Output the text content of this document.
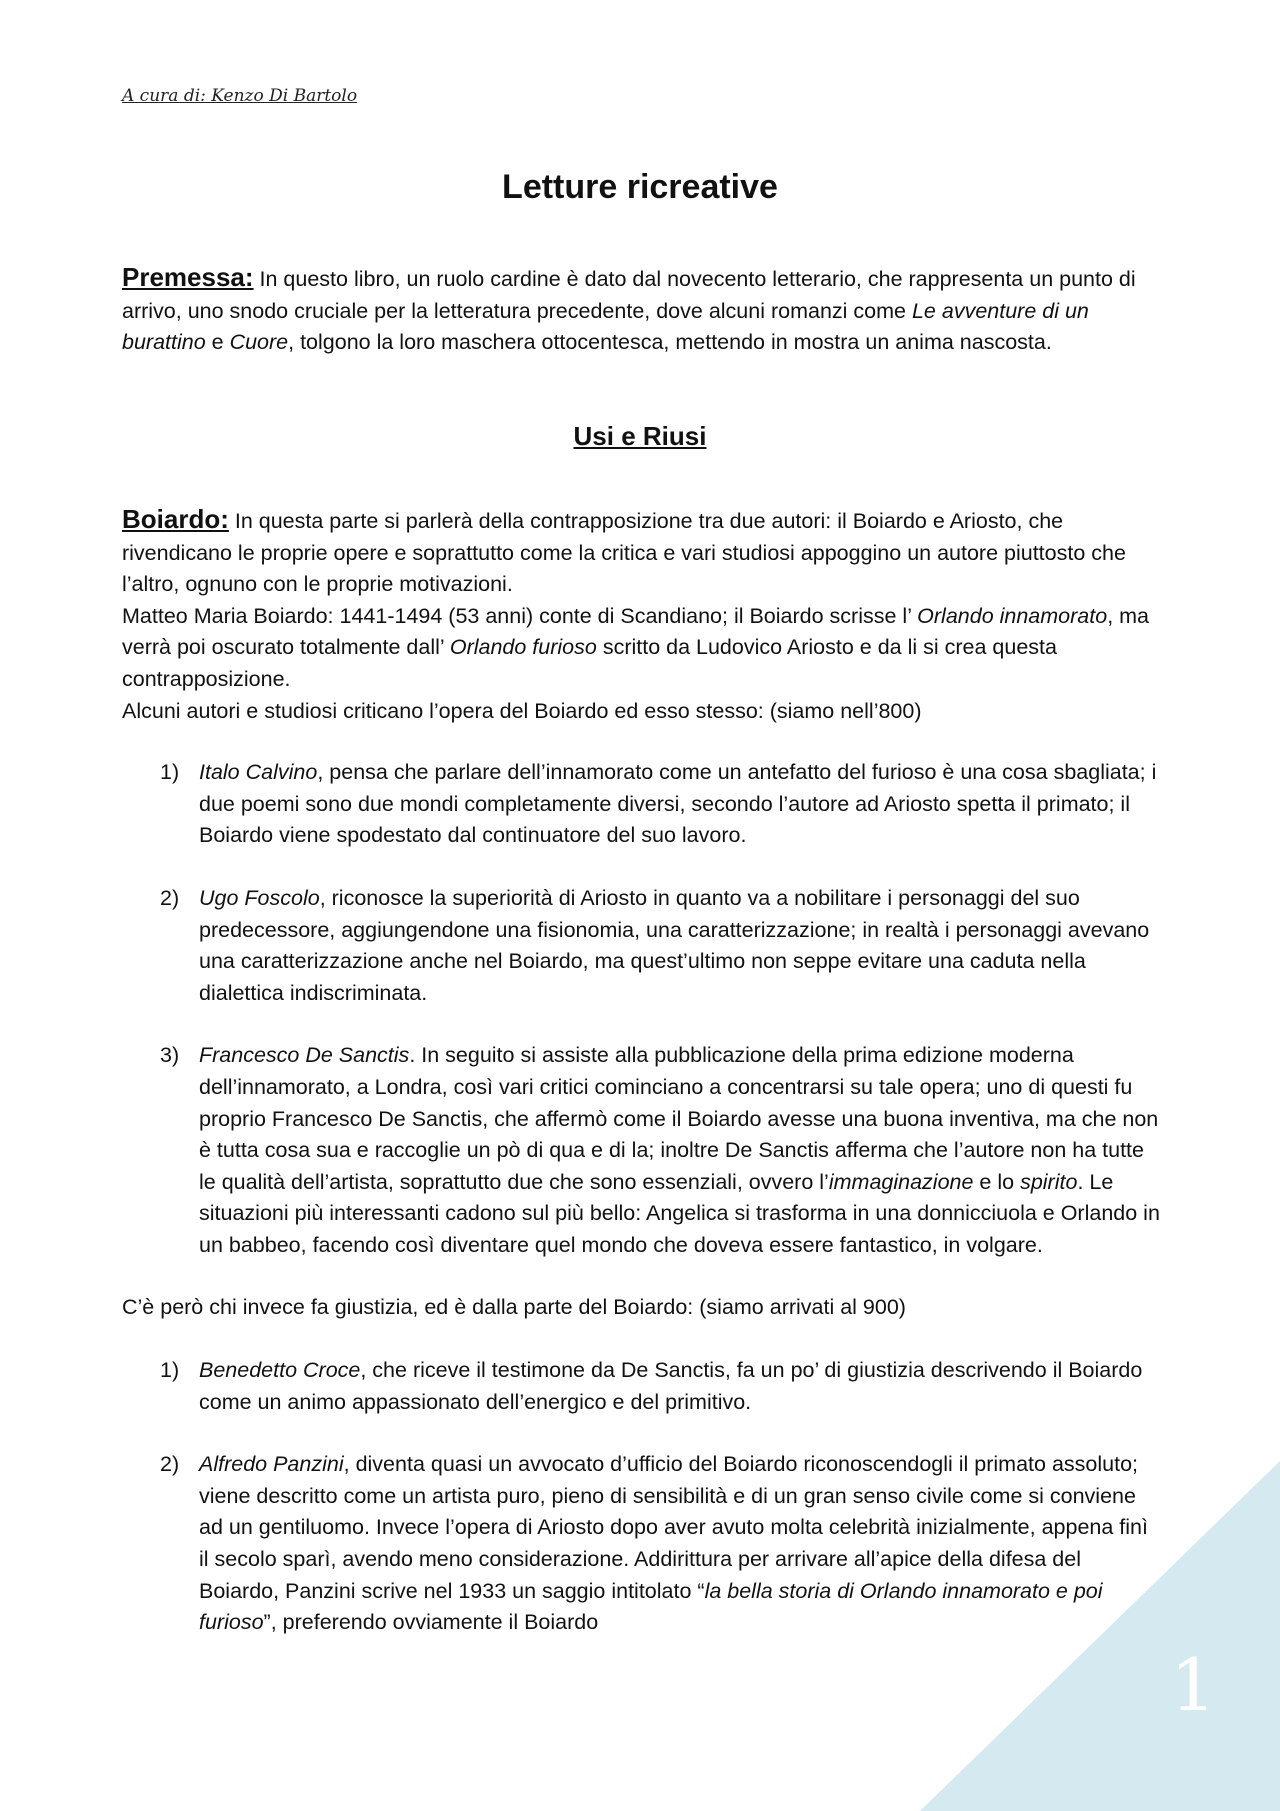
1
A cura di: Kenzo Di Bartolo
Letture ricreative

Premessa: In questo libro, un ruolo cardine è dato dal novecento letterario, che rappresenta un punto di arrivo, uno snodo cruciale per la letteratura precedente, dove alcuni romanzi come Le avventure di un burattino e Cuore, tolgono la loro maschera ottocentesca, mettendo in mostra un anima nascosta.

Usi e Riusi

Boiardo: In questa parte si parlerà della contrapposizione tra due autori: il Boiardo e Ariosto, che rivendicano le proprie opere e soprattutto come la critica e vari studiosi appoggino un autore piuttosto che l’altro, ognuno con le proprie motivazioni.

Matteo Maria Boiardo: 1441-1494 (53 anni) conte di Scandiano; il Boiardo scrisse l’ Orlando innamorato, ma verrà poi oscurato totalmente dall’ Orlando furioso scritto da Ludovico Ariosto e da li si crea questa contrapposizione.

Alcuni autori e studiosi criticano l’opera del Boiardo ed esso stesso: (siamo nell’800)

1) Italo Calvino, pensa che parlare dell’innamorato come un antefatto del furioso è una cosa sbagliata; i due poemi sono due mondi completamente diversi, secondo l’autore ad Ariosto spetta il primato; il Boiardo viene spodestato dal continuatore del suo lavoro.
2) Ugo Foscolo, riconosce la superiorità di Ariosto in quanto va a nobilitare i personaggi del suo predecessore, aggiungendone una fisionomia, una caratterizzazione; in realtà i personaggi avevano una caratterizzazione anche nel Boiardo, ma quest’ultimo non seppe evitare una caduta nella dialettica indiscriminata.
3) Francesco De Sanctis. In seguito si assiste alla pubblicazione della prima edizione moderna dell’innamorato, a Londra, così vari critici cominciano a concentrarsi su tale opera; uno di questi fu proprio Francesco De Sanctis, che affermò come il Boiardo avesse una buona inventiva, ma che non è tutta cosa sua e raccoglie un pò di qua e di la; inoltre De Sanctis afferma che l’autore non ha tutte le qualità dell’artista, soprattutto due che sono essenziali, ovvero l’immaginazione e lo spirito. Le situazioni più interessanti cadono sul più bello: Angelica si trasforma in una donnicciuola e Orlando in un babbeo, facendo così diventare quel mondo che doveva essere fantastico, in volgare.

C’è però chi invece fa giustizia, ed è dalla parte del Boiardo: (siamo arrivati al 900)

1) Benedetto Croce, che riceve il testimone da De Sanctis, fa un po’ di giustizia descrivendo il Boiardo come un animo appassionato dell’energico e del primitivo.
2) Alfredo Panzini, diventa quasi un avvocato d’ufficio del Boiardo riconoscendogli il primato assoluto; viene descritto come un artista puro, pieno di sensibilità e di un gran senso civile come si conviene ad un gentiluomo. Invece l’opera di Ariosto dopo aver avuto molta celebrità inizialmente, appena finì il secolo sparì, avendo meno considerazione. Addirittura per arrivare all’apice della difesa del Boiardo, Panzini scrive nel 1933 un saggio intitolato “la bella storia di Orlando innamorato e poi furioso”, preferendo ovviamente il Boiardo
